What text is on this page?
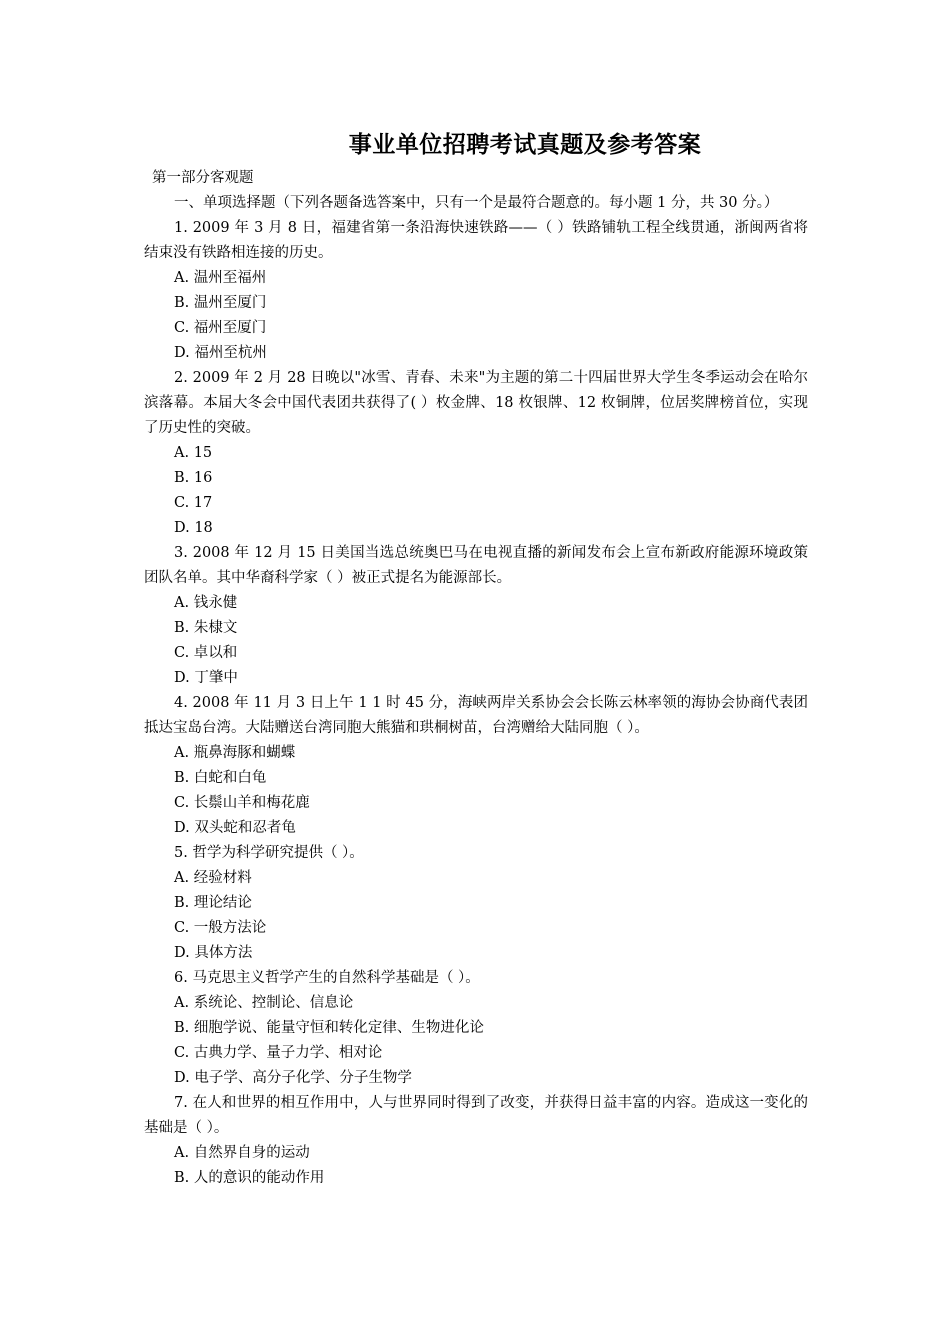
事业单位招聘考试真题及参考答案

第一部分客观题

一、单项选择题（下列各题备选答案中，只有一个是最符合题意的。每小题 1 分，共 30 分。）

1. 2009 年 3 月 8 日，福建省第一条沿海快速铁路——（ ）铁路铺轨工程全线贯通，浙闽两省将结束没有铁路相连接的历史。

A. 温州至福州

B. 温州至厦门

C. 福州至厦门

D. 福州至杭州

2. 2009 年 2 月 28 日晚以"冰雪、青春、未来"为主题的第二十四届世界大学生冬季运动会在哈尔滨落幕。本届大冬会中国代表团共获得了( ）枚金牌、18 枚银牌、12 枚铜牌，位居奖牌榜首位，实现了历史性的突破。

A. 15

B. 16

C. 17

D. 18

3. 2008 年 12 月 15 日美国当选总统奥巴马在电视直播的新闻发布会上宣布新政府能源环境政策团队名单。其中华裔科学家（ ）被正式提名为能源部长。

A. 钱永健

B. 朱棣文

C. 卓以和

D. 丁肇中

4. 2008 年 11 月 3 日上午 1 1 时 45 分，海峡两岸关系协会会长陈云林率领的海协会协商代表团抵达宝岛台湾。大陆赠送台湾同胞大熊猫和珙桐树苗，台湾赠给大陆同胞（ ）。

A. 瓶鼻海豚和蝴蝶

B. 白蛇和白龟

C. 长鬃山羊和梅花鹿

D. 双头蛇和忍者龟

5. 哲学为科学研究提供（ ）。

A. 经验材料

B. 理论结论

C. 一般方法论

D. 具体方法

6. 马克思主义哲学产生的自然科学基础是（ ）。

A. 系统论、控制论、信息论

B. 细胞学说、能量守恒和转化定律、生物进化论

C. 古典力学、量子力学、相对论

D. 电子学、高分子化学、分子生物学

7. 在人和世界的相互作用中，人与世界同时得到了改变，并获得日益丰富的内容。造成这一变化的基础是（ ）。

A. 自然界自身的运动

B. 人的意识的能动作用
